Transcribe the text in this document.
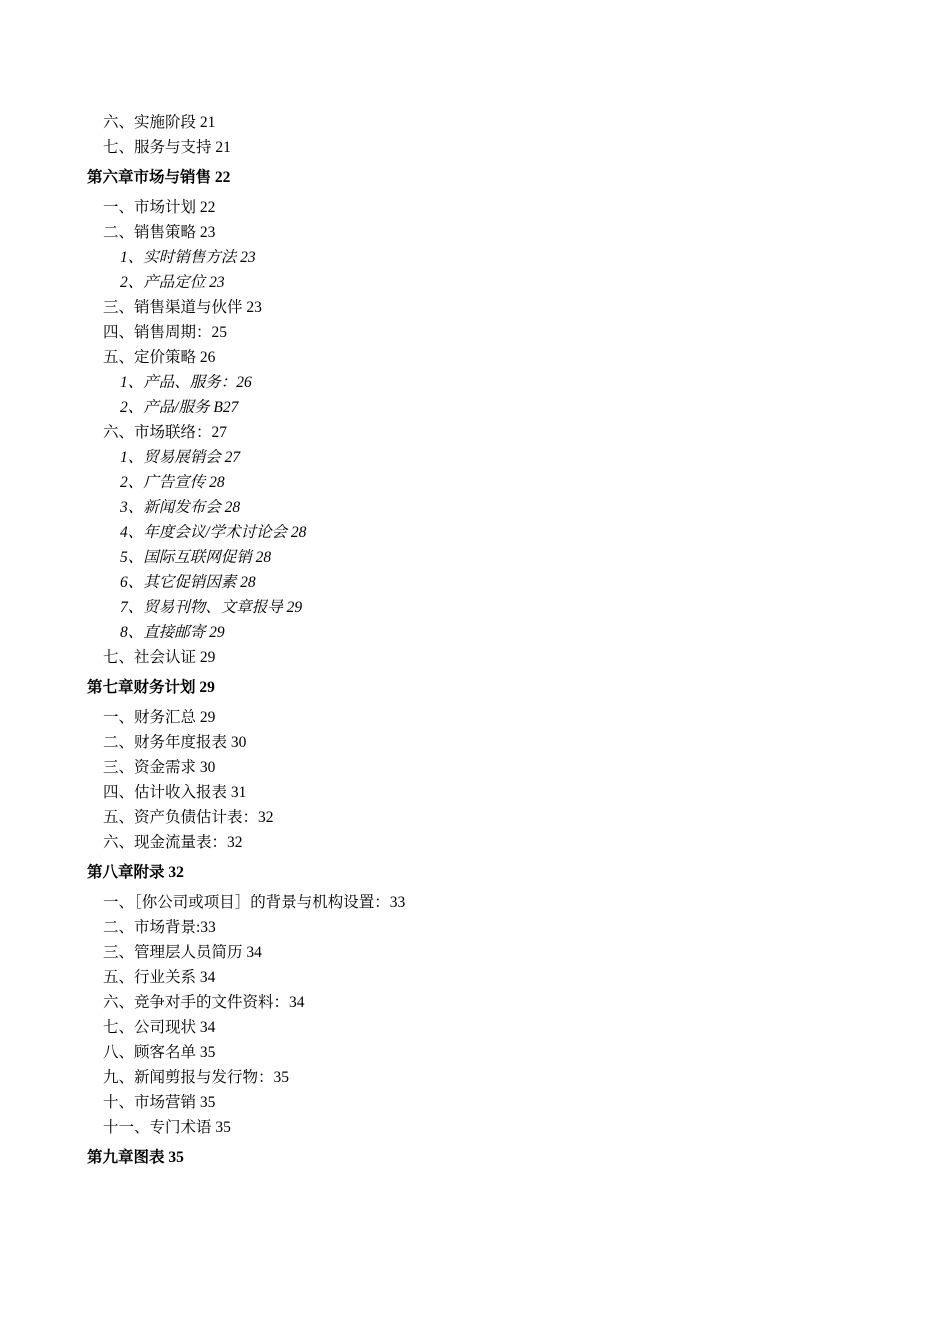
六、实施阶段 21
七、服务与支持 21
第六章市场与销售 22
一、市场计划 22
二、销售策略 23
1、实时销售方法 23
2、产品定位 23
三、销售渠道与伙伴 23
四、销售周期：25
五、定价策略 26
1、产品、服务：26
2、产品/服务 B27
六、市场联络：27
1、贸易展销会 27
2、广告宣传 28
3、新闻发布会 28
4、年度会议/学术讨论会 28
5、国际互联网促销 28
6、其它促销因素 28
7、贸易刊物、文章报导 29
8、直接邮寄 29
七、社会认证 29
第七章财务计划 29
一、财务汇总 29
二、财务年度报表 30
三、资金需求 30
四、估计收入报表 31
五、资产负债估计表：32
六、现金流量表：32
第八章附录 32
一、［你公司或项目］的背景与机构设置：33
二、市场背景:33
三、管理层人员简历 34
五、行业关系 34
六、竞争对手的文件资料：34
七、公司现状 34
八、顾客名单 35
九、新闻剪报与发行物：35
十、市场营销 35
十一、专门术语 35
第九章图表 35
